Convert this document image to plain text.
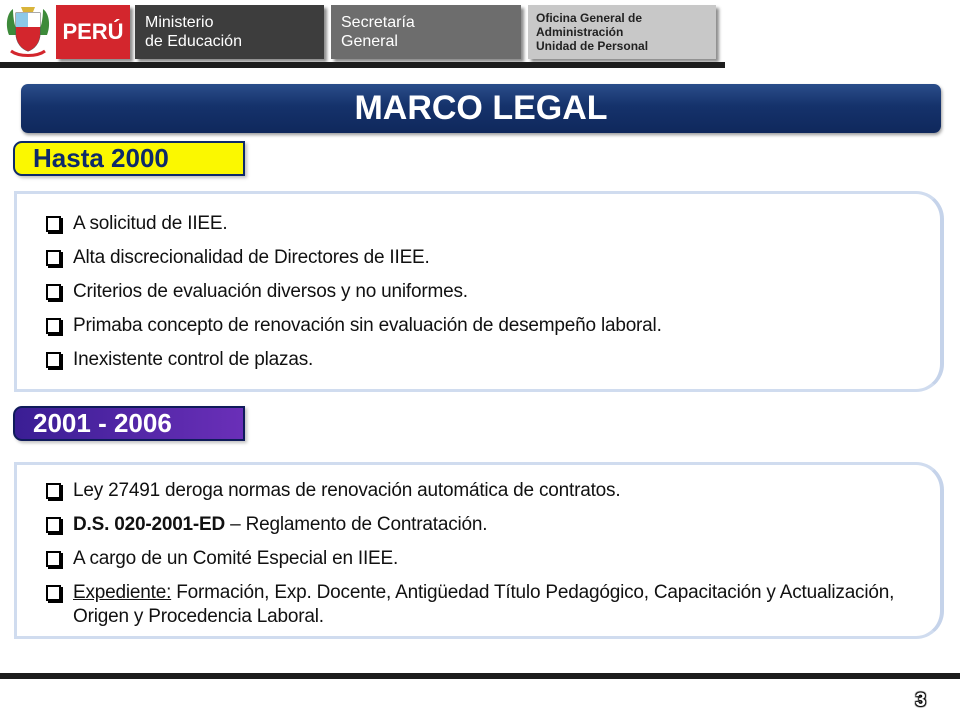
PERÚ	Ministerio
de Educación
Secretaría
General
Oficina General de
Administración
Unidad de Personal
MARCO LEGAL
Hasta 2000
A solicitud de IIEE.
Alta discrecionalidad de Directores de IIEE.
Criterios de evaluación diversos y no uniformes.
Primaba concepto de renovación sin evaluación de desempeño laboral.
Inexistente control de plazas.
2001 - 2006
Ley 27491 deroga normas de renovación automática de contratos.
D.S. 020-2001-ED – Reglamento de Contratación.
A cargo de un Comité Especial en IIEE.
Expediente: Formación, Exp. Docente, Antigüedad Título Pedagógico, Capacitación y Actualización, Origen y Procedencia Laboral.
3
